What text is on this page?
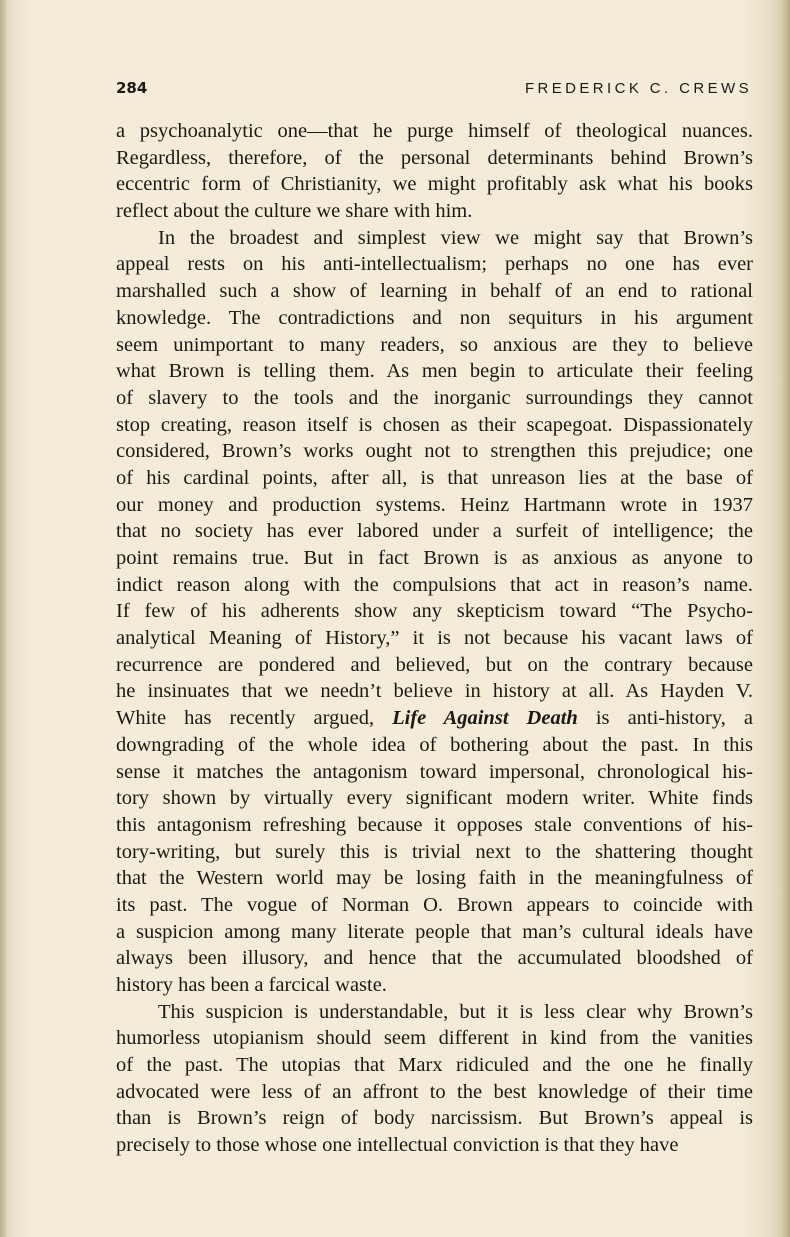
284	FREDERICK C. CREWS
a psychoanalytic one—that he purge himself of theological nuances.
Regardless, therefore, of the personal determinants behind Brown’s
eccentric form of Christianity, we might profitably ask what his books
reflect about the culture we share with him.
In the broadest and simplest view we might say that Brown’s
appeal rests on his anti-intellectualism; perhaps no one has ever
marshalled such a show of learning in behalf of an end to rational
knowledge. The contradictions and non sequiturs in his argument
seem unimportant to many readers, so anxious are they to believe
what Brown is telling them. As men begin to articulate their feeling
of slavery to the tools and the inorganic surroundings they cannot
stop creating, reason itself is chosen as their scapegoat. Dispassionately
considered, Brown’s works ought not to strengthen this prejudice; one
of his cardinal points, after all, is that unreason lies at the base of
our money and production systems. Heinz Hartmann wrote in 1937
that no society has ever labored under a surfeit of intelligence; the
point remains true. But in fact Brown is as anxious as anyone to
indict reason along with the compulsions that act in reason’s name.
If few of his adherents show any skepticism toward “The Psycho-
analytical Meaning of History,” it is not because his vacant laws of
recurrence are pondered and believed, but on the contrary because
he insinuates that we needn’t believe in history at all. As Hayden V.
White has recently argued, Life Against Death is anti-history, a
downgrading of the whole idea of bothering about the past. In this
sense it matches the antagonism toward impersonal, chronological his-
tory shown by virtually every significant modern writer. White finds
this antagonism refreshing because it opposes stale conventions of his-
tory-writing, but surely this is trivial next to the shattering thought
that the Western world may be losing faith in the meaningfulness of
its past. The vogue of Norman O. Brown appears to coincide with
a suspicion among many literate people that man’s cultural ideals have
always been illusory, and hence that the accumulated bloodshed of
history has been a farcical waste.
This suspicion is understandable, but it is less clear why Brown’s
humorless utopianism should seem different in kind from the vanities
of the past. The utopias that Marx ridiculed and the one he finally
advocated were less of an affront to the best knowledge of their time
than is Brown’s reign of body narcissism. But Brown’s appeal is
precisely to those whose one intellectual conviction is that they have
